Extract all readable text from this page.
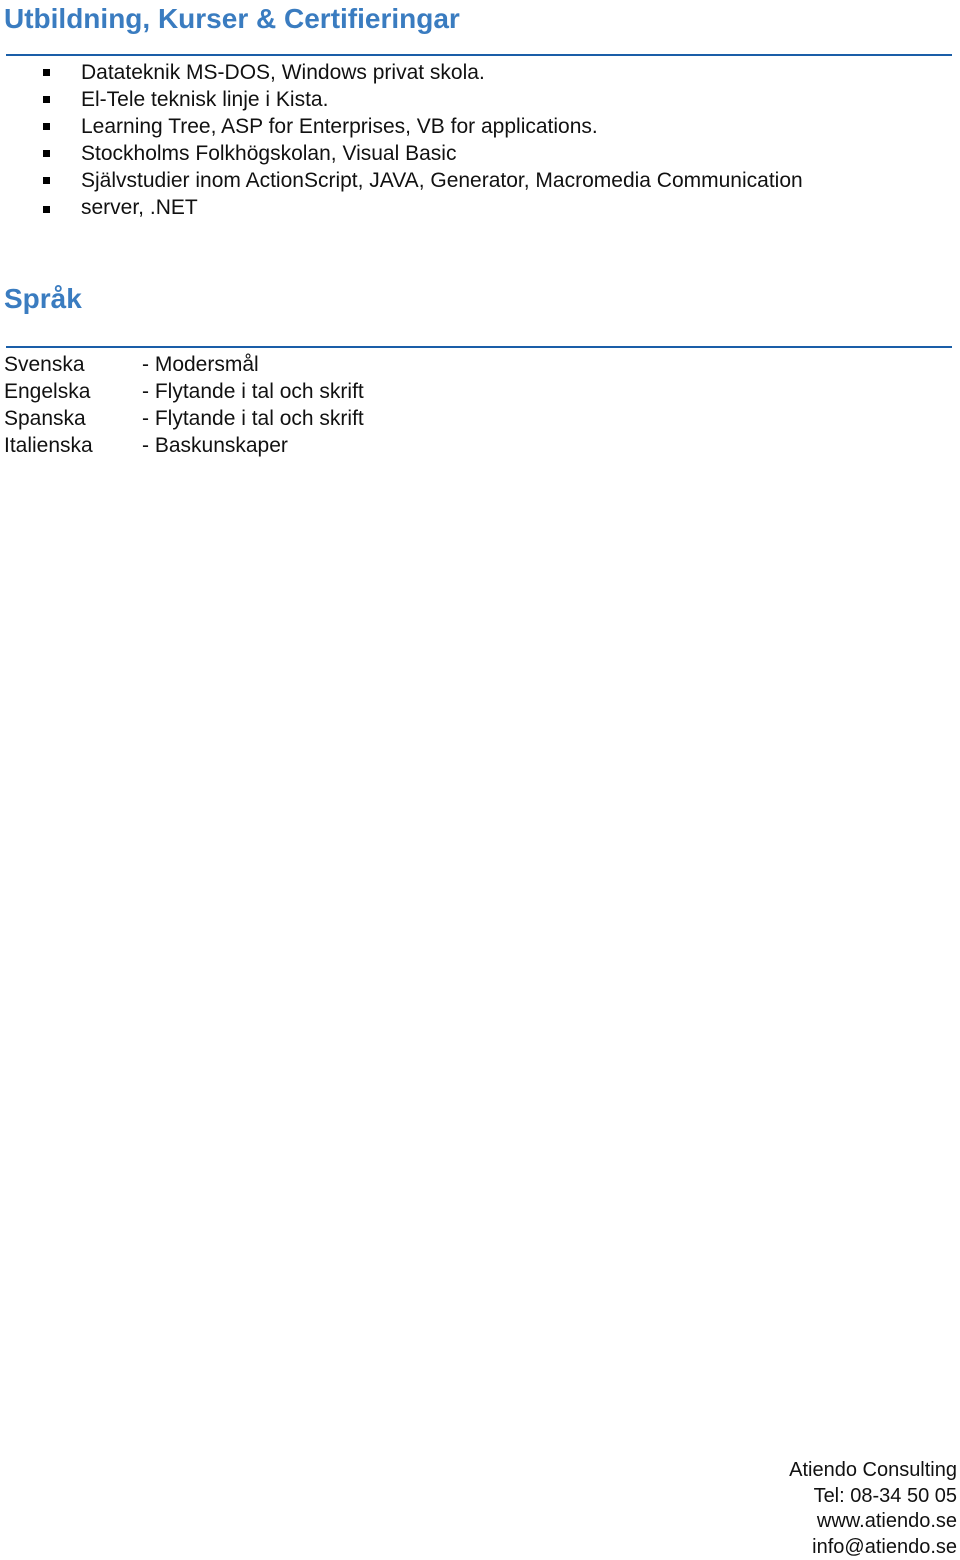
Utbildning, Kurser & Certifieringar
Datateknik MS-DOS, Windows privat skola.
El-Tele teknisk linje i Kista.
Learning Tree, ASP for Enterprises, VB for applications.
Stockholms Folkhögskolan, Visual Basic
Självstudier inom ActionScript, JAVA, Generator, Macromedia Communication
server, .NET
Språk
Svenska	- Modersmål
Engelska	- Flytande i tal och skrift
Spanska	- Flytande i tal och skrift
Italienska	- Baskunskaper
Atiendo Consulting
Tel: 08-34 50 05
www.atiendo.se
info@atiendo.se
